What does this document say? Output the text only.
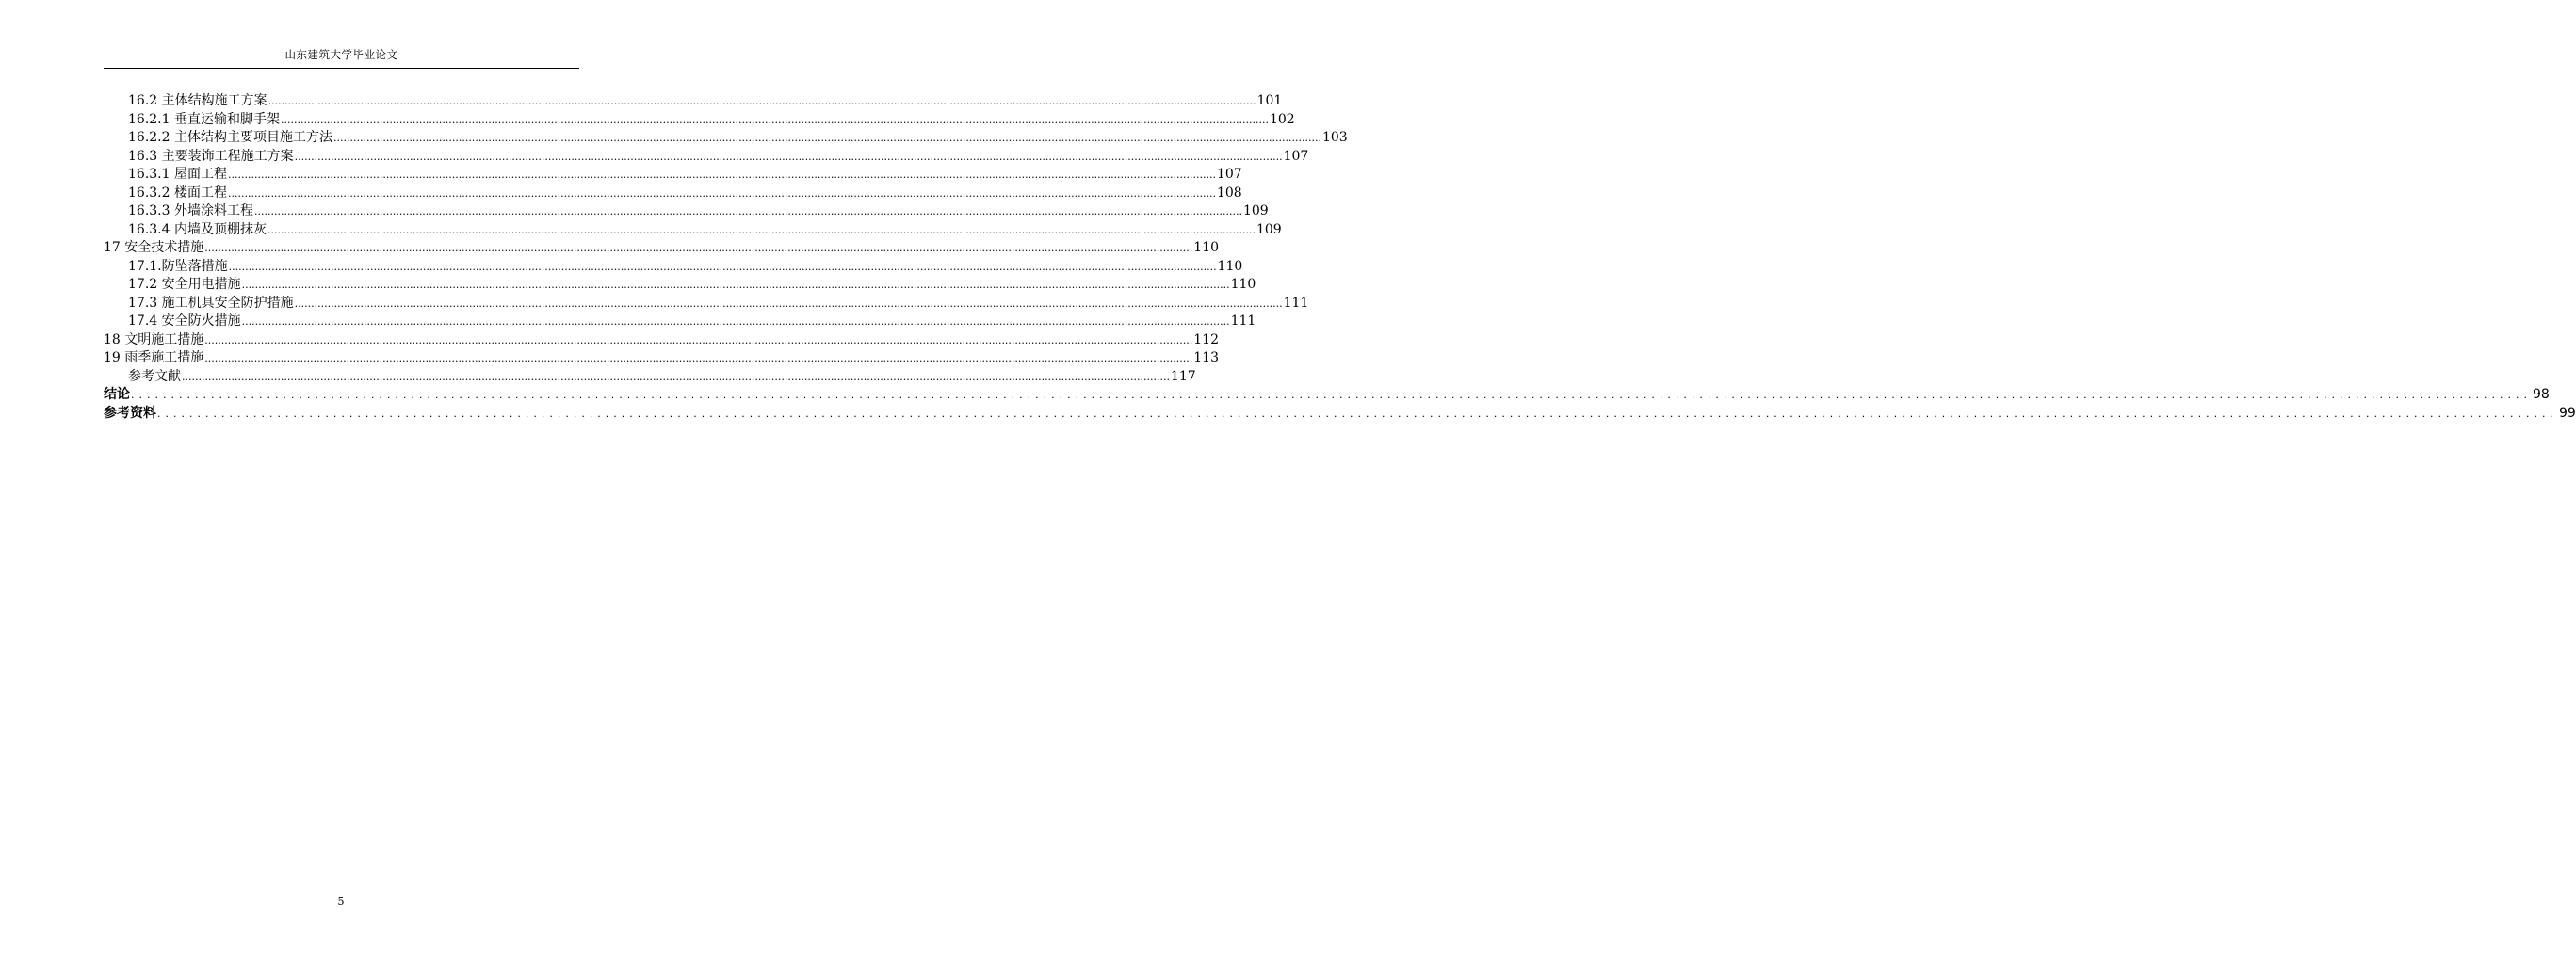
山东建筑大学毕业论文
16.2 主体结构施工方案 ............................................................................................................................................................................................................................................................................................................ 101
16.2.1 垂直运输和脚手架 ............................................................................................................................................................................................................................................................................................................ 102
16.2.2 主体结构主要项目施工方法 ............................................................................................................................................................................................................................................................................................................ 103
16.3 主要装饰工程施工方案 ............................................................................................................................................................................................................................................................................................................ 107
16.3.1 屋面工程 ............................................................................................................................................................................................................................................................................................................ 107
16.3.2 楼面工程 ............................................................................................................................................................................................................................................................................................................ 108
16.3.3 外墙涂料工程 ............................................................................................................................................................................................................................................................................................................ 109
16.3.4 内墙及顶棚抹灰 ............................................................................................................................................................................................................................................................................................................ 109
17 安全技术措施 ............................................................................................................................................................................................................................................................................................................ 110
17.1.防坠落措施 ............................................................................................................................................................................................................................................................................................................ 110
17.2 安全用电措施 ............................................................................................................................................................................................................................................................................................................ 110
17.3 施工机具安全防护措施 ............................................................................................................................................................................................................................................................................................................ 111
17.4 安全防火措施 ............................................................................................................................................................................................................................................................................................................ 111
18 文明施工措施 ............................................................................................................................................................................................................................................................................................................ 112
19 雨季施工措施 ............................................................................................................................................................................................................................................................................................................ 113
参考文献 ............................................................................................................................................................................................................................................................................................................ 117
结论 ............................................................................................................................................................................................................................................................................................................ 98
参考资料 ............................................................................................................................................................................................................................................................................................................ 99
5
